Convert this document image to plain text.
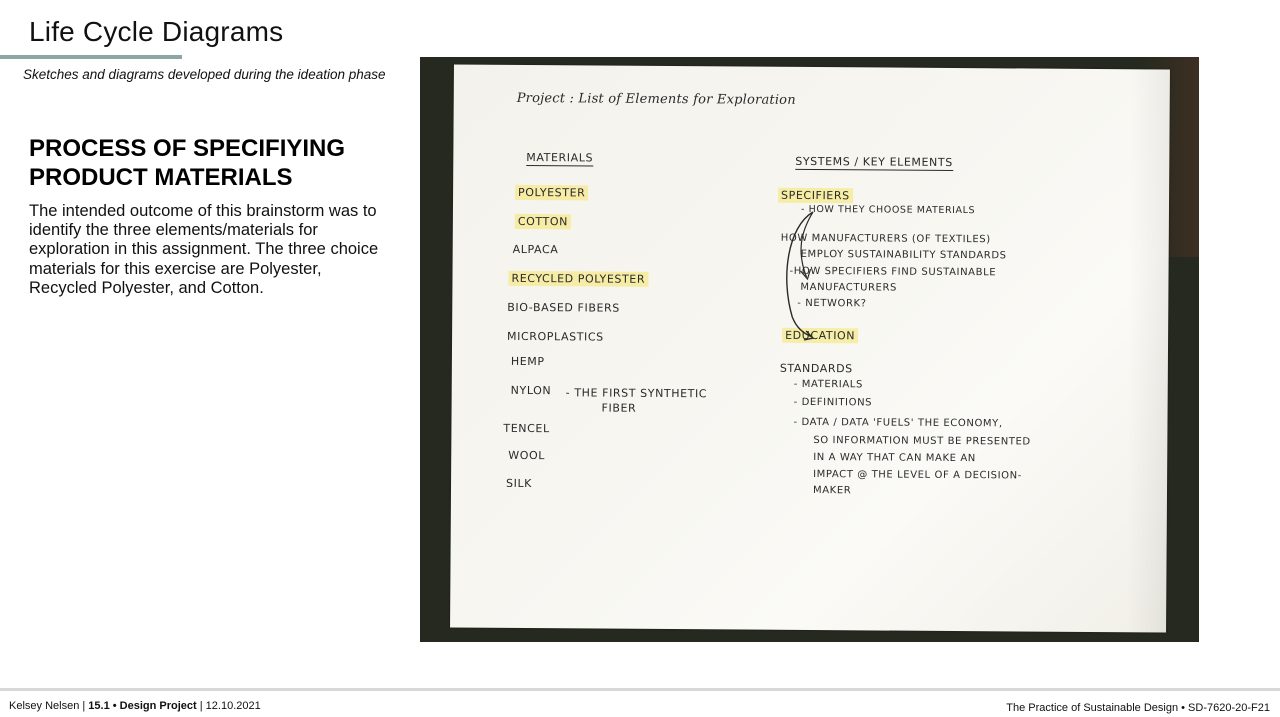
Life Cycle Diagrams
Sketches and diagrams developed during the ideation phase
PROCESS OF SPECIFIYING PRODUCT MATERIALS
The intended outcome of this brainstorm was to identify the three elements/materials for exploration in this assignment. The three choice materials for this exercise are Polyester, Recycled Polyester, and Cotton.
Project : List of Elements for Exploration
MATERIALS
POLYESTER
COTTON
ALPACA
RECYCLED POLYESTER
BIO-BASED FIBERS
MICROPLASTICS
HEMP
NYLON - THE FIRST SYNTHETIC
FIBER
TENCEL
WOOL
SILK
SYSTEMS / KEY ELEMENTS
SPECIFIERS
- HOW THEY CHOOSE MATERIALS
HOW MANUFACTURERS (OF TEXTILES)
EMPLOY SUSTAINABILITY STANDARDS
-HOW SPECIFIERS FIND SUSTAINABLE
MANUFACTURERS
- NETWORK?
EDUCATION
STANDARDS
- MATERIALS
- DEFINITIONS
- DATA / DATA 'FUELS' THE ECONOMY,
SO INFORMATION MUST BE PRESENTED
IN A WAY THAT CAN MAKE AN
IMPACT @ THE LEVEL OF A DECISION-
MAKER
Kelsey Nelsen | 15.1 • Design Project | 12.10.2021	The Practice of Sustainable Design • SD-7620-20-F21
